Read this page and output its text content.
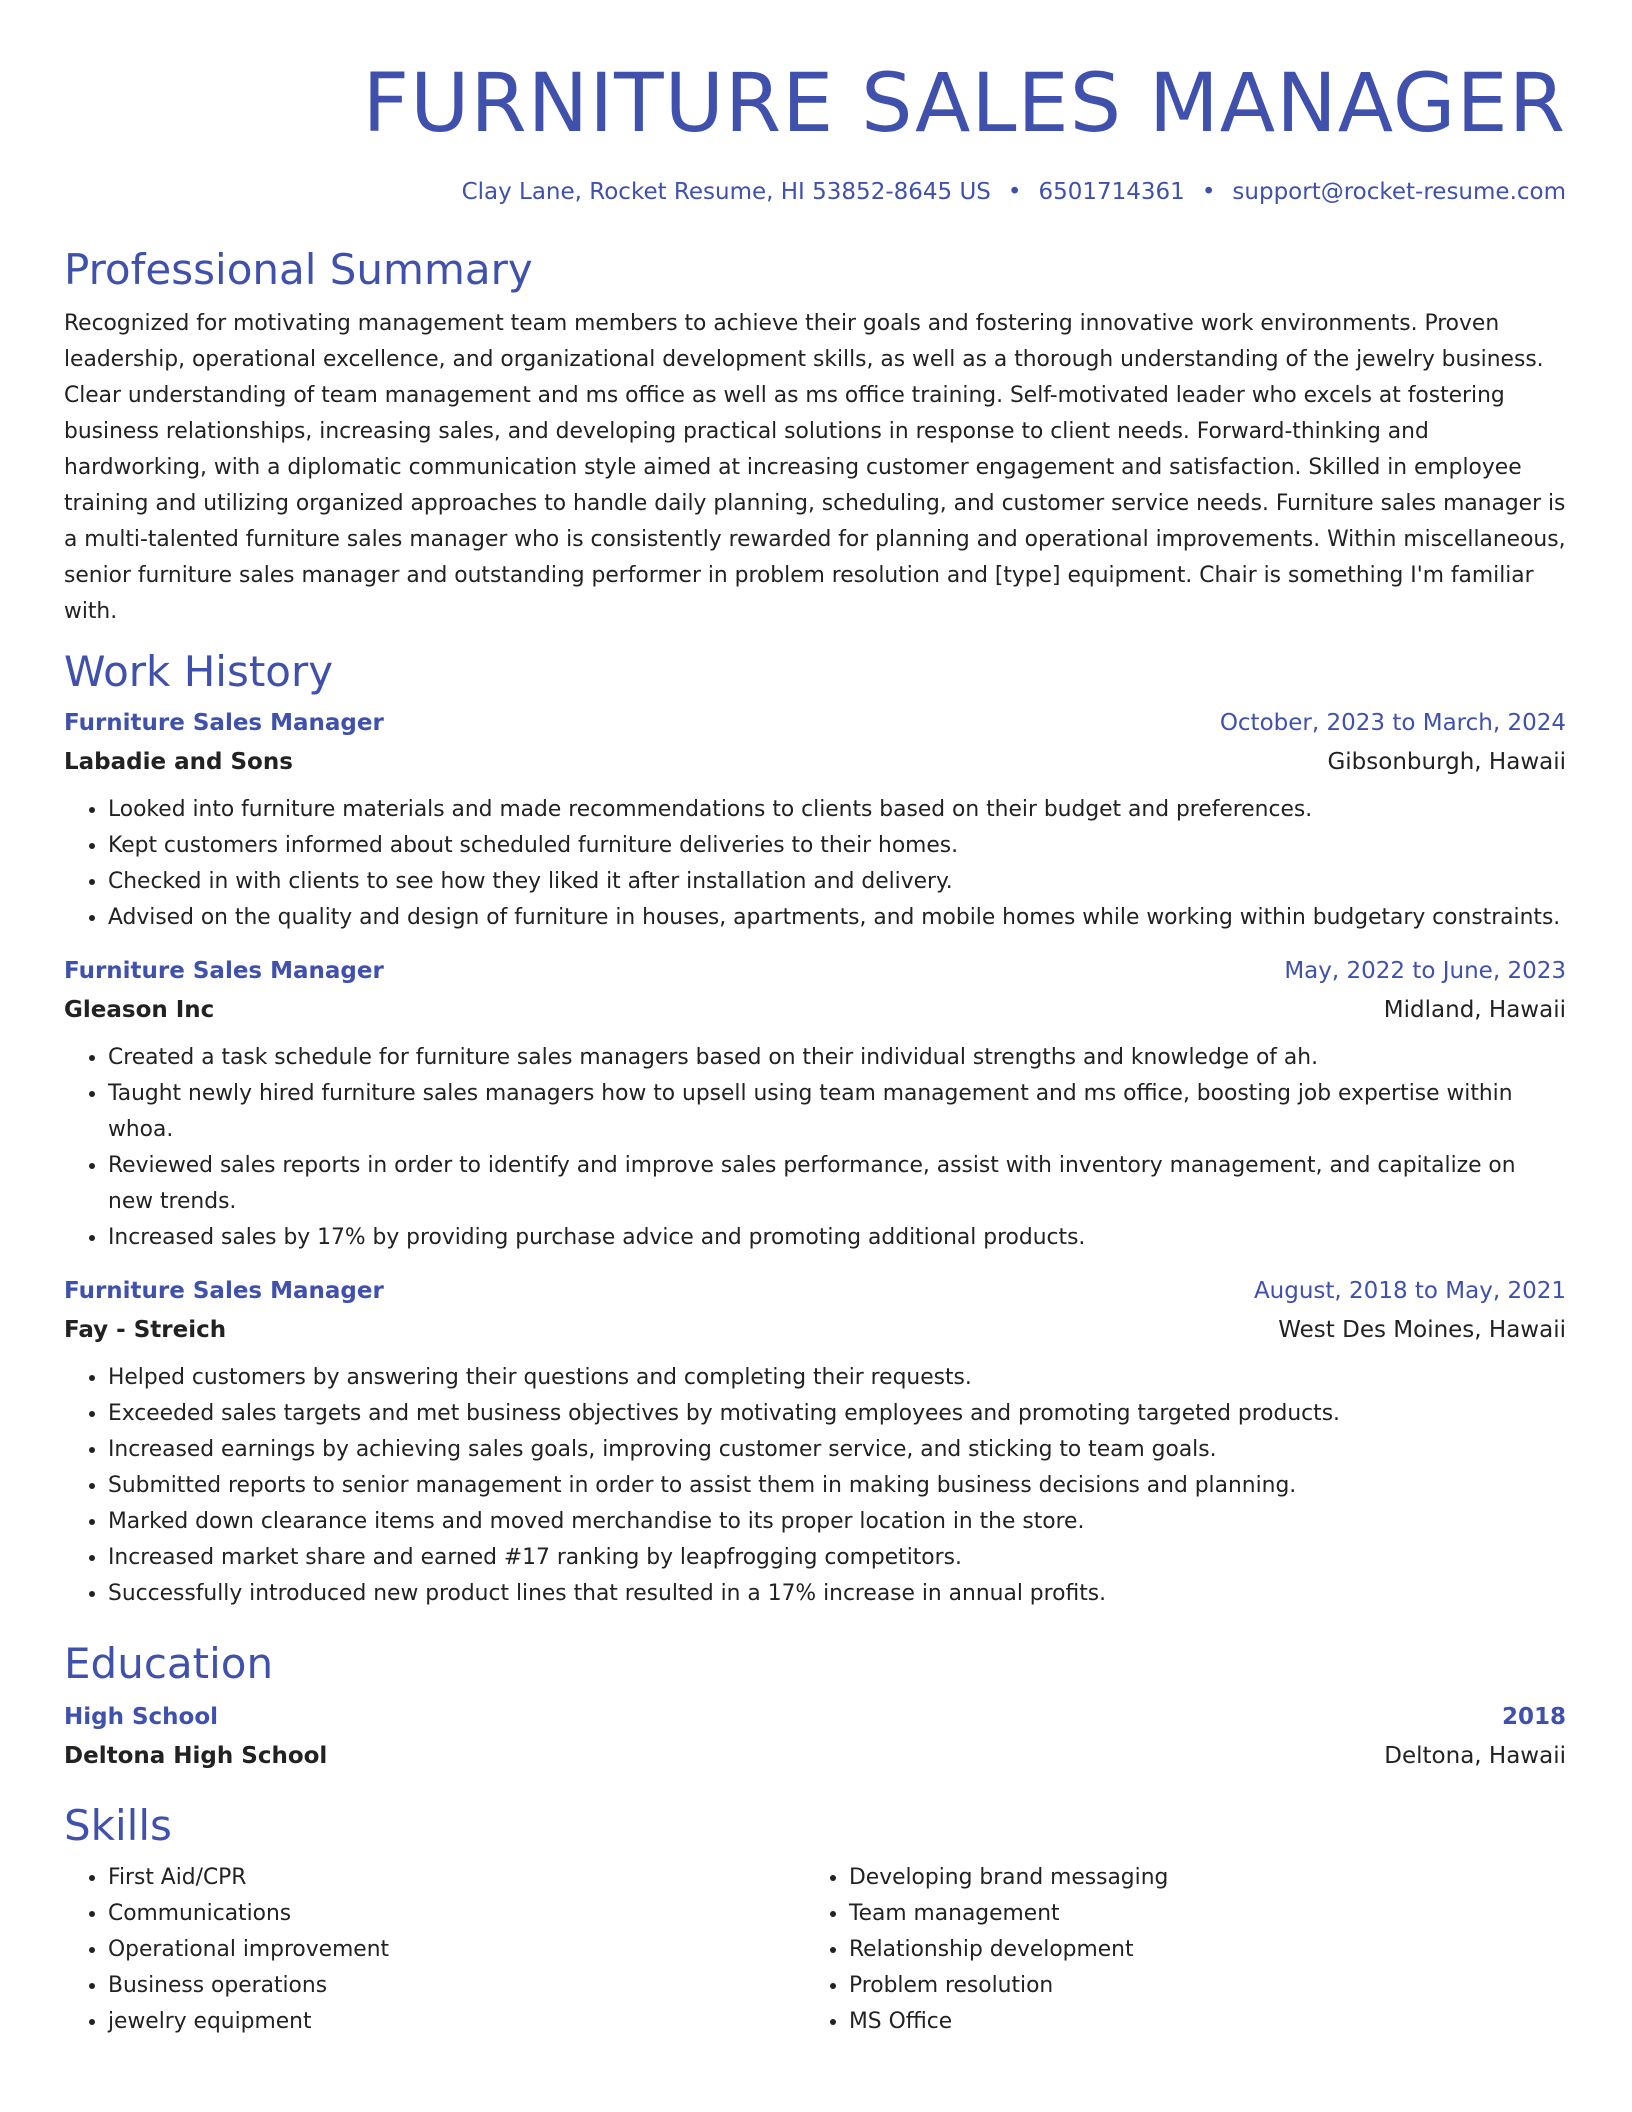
FURNITURE SALES MANAGER
Clay Lane, Rocket Resume, HI 53852-8645 US • 6501714361 • support@rocket-resume.com
Professional Summary

Recognized for motivating management team members to achieve their goals and fostering innovative work environments. Proven leadership, operational excellence, and organizational development skills, as well as a thorough understanding of the jewelry business. Clear understanding of team management and ms office as well as ms office training. Self-motivated leader who excels at fostering business relationships, increasing sales, and developing practical solutions in response to client needs. Forward-thinking and hardworking, with a diplomatic communication style aimed at increasing customer engagement and satisfaction. Skilled in employee training and utilizing organized approaches to handle daily planning, scheduling, and customer service needs. Furniture sales manager is a multi-talented furniture sales manager who is consistently rewarded for planning and operational improvements. Within miscellaneous, senior furniture sales manager and outstanding performer in problem resolution and [type] equipment. Chair is something I'm familiar with.

Work History
Furniture Sales Manager	October, 2023 to March, 2024
Labadie and Sons	Gibsonburgh, Hawaii
• Looked into furniture materials and made recommendations to clients based on their budget and preferences.
• Kept customers informed about scheduled furniture deliveries to their homes.
• Checked in with clients to see how they liked it after installation and delivery.
• Advised on the quality and design of furniture in houses, apartments, and mobile homes while working within budgetary constraints.
Furniture Sales Manager	May, 2022 to June, 2023
Gleason Inc	Midland, Hawaii
• Created a task schedule for furniture sales managers based on their individual strengths and knowledge of ah.
• Taught newly hired furniture sales managers how to upsell using team management and ms office, boosting job expertise within whoa.
• Reviewed sales reports in order to identify and improve sales performance, assist with inventory management, and capitalize on new trends.
• Increased sales by 17% by providing purchase advice and promoting additional products.
Furniture Sales Manager	August, 2018 to May, 2021
Fay - Streich	West Des Moines, Hawaii
• Helped customers by answering their questions and completing their requests.
• Exceeded sales targets and met business objectives by motivating employees and promoting targeted products.
• Increased earnings by achieving sales goals, improving customer service, and sticking to team goals.
• Submitted reports to senior management in order to assist them in making business decisions and planning.
• Marked down clearance items and moved merchandise to its proper location in the store.
• Increased market share and earned #17 ranking by leapfrogging competitors.
• Successfully introduced new product lines that resulted in a 17% increase in annual profits.
Education
High School	2018
Deltona High School	Deltona, Hawaii
Skills
• First Aid/CPR
• Communications
• Operational improvement
• Business operations
• jewelry equipment
• Developing brand messaging
• Team management
• Relationship development
• Problem resolution
• MS Office
